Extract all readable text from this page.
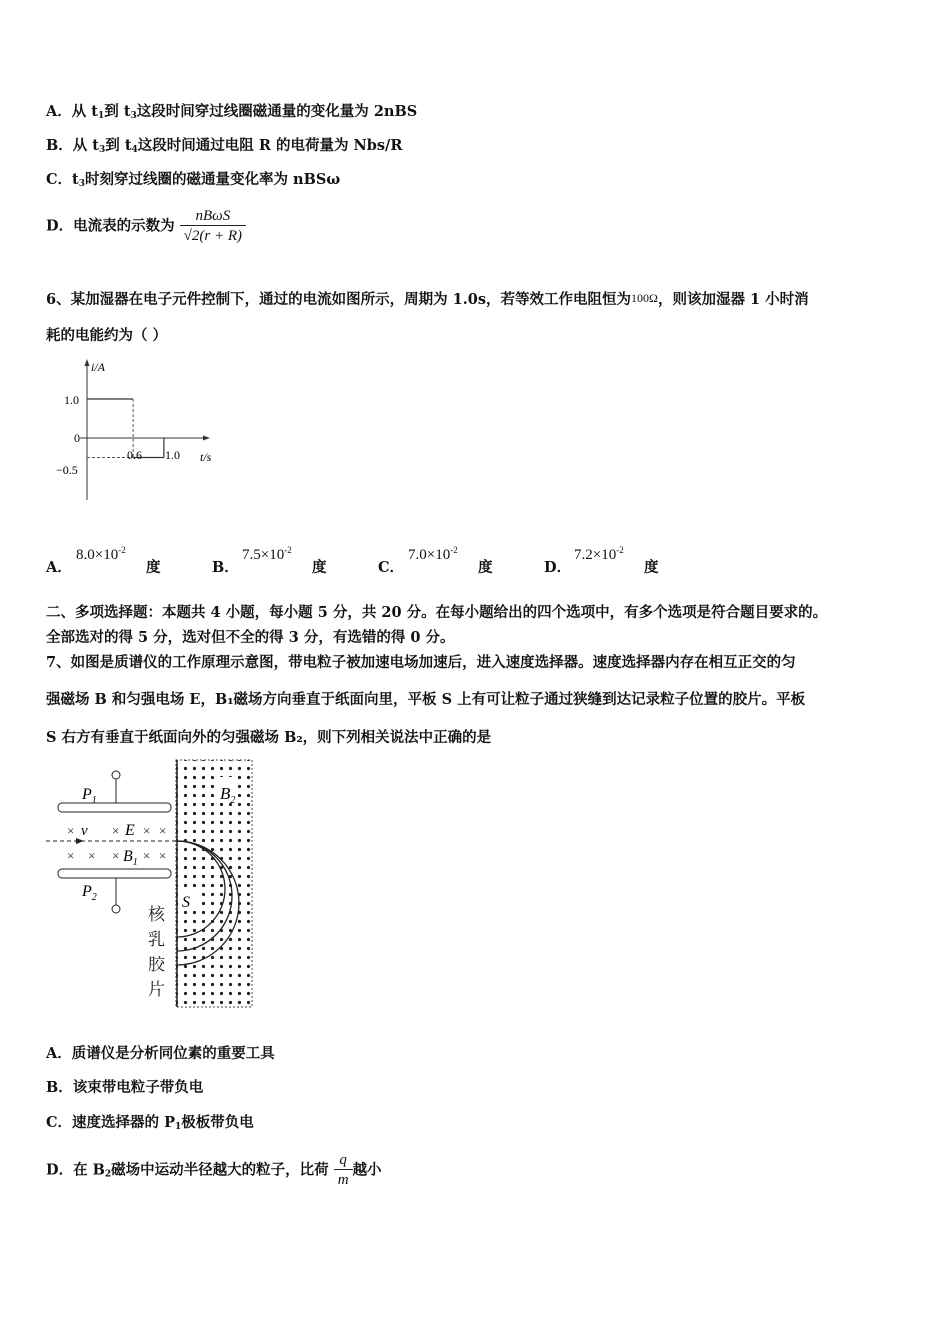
A．从 $t_1$到 $t_3$这段时间穿过线圈磁通量的变化量为 2nBS
B．从 $t_3$到 $t_4$这段时间通过电阻 R 的电荷量为 Nbs/R
C．$t_3$时刻穿过线圈的磁通量变化率为 nBSω
D．电流表的示数为 $\frac{\text{nBωS}}{√2(r + R)}$
6、某加湿器在电子元件控制下，通过的电流如图所示，周期为 1.0s，若等效工作电阻恒为100Ω，则该加湿器 1 小时消
耗的电能约为（ ）
i/A
t/s
1.0
0
−0.5
0.6 1.0
A．
$8.0\times 10^{-2}$
度	B．
$7.5\times 10^{-2}$
度	C．
$7.0\times 10^{-2}$
度	D．
$7.2\times 10^{-2}$
度
二、多项选择题：本题共 4 小题，每小题 5 分，共 20 分。在每小题给出的四个选项中，有多个选项是符合题目要求的。
全部选对的得 5 分，选对但不全的得 3 分，有选错的得 0 分。
7、如图是质谱仪的工作原理示意图，带电粒子被加速电场加速后，进入速度选择器。速度选择器内存在相互正交的匀
强磁场 B 和匀强电场 E，B₁磁场方向垂直于纸面向里，平板 S 上有可让粒子通过狭缝到达记录粒子位置的胶片。平板
S 右方有垂直于纸面向外的匀强磁场 B₂，则下列相关说法中正确的是
$B_2$
S
$P_1$
$P_2$
×	× × ×
× × × × ×
v E
$B_1$
核
乳
胶
片
A．质谱仪是分析同位素的重要工具
B．该束带电粒子带负电
C．速度选择器的 $P_1$极板带负电
D．在 $B_2$磁场中运动半径越大的粒子，比荷 $\frac{q}{m}$ 越小
